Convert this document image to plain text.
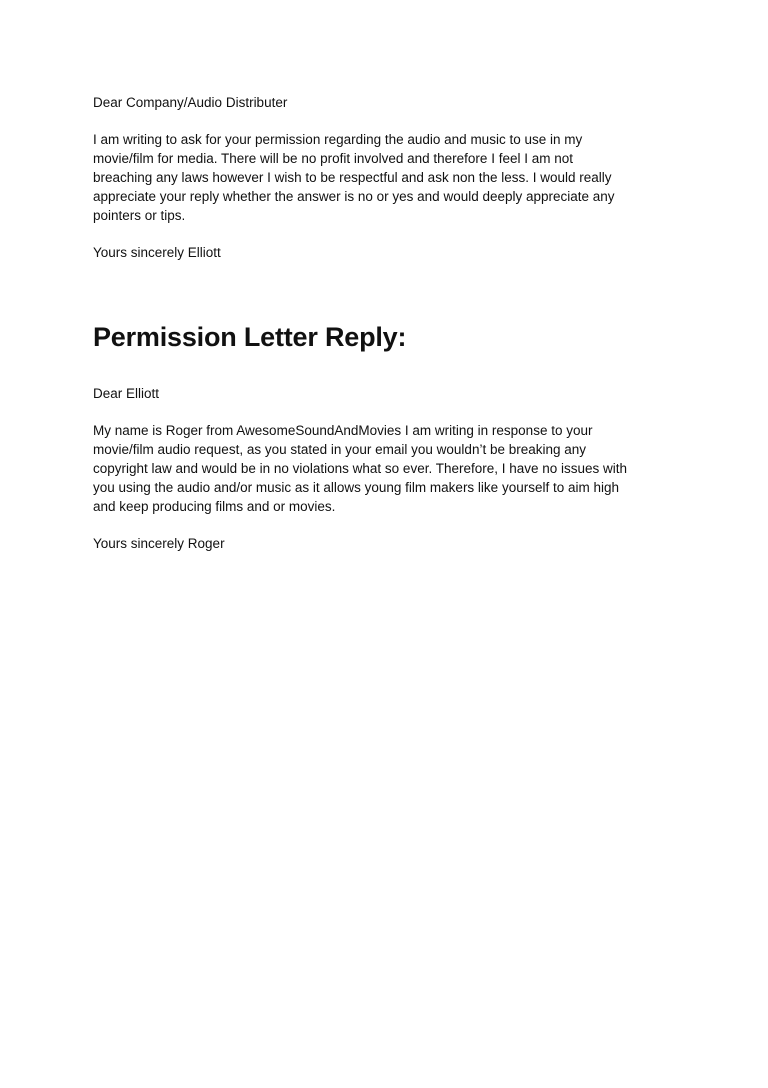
Dear Company/Audio Distributer

I am writing to ask for your permission regarding the audio and music to use in my

movie/film for media. There will be no profit involved and therefore I feel I am not

breaching any laws however I wish to be respectful and ask non the less. I would really

appreciate your reply whether the answer is no or yes and would deeply appreciate any

pointers or tips.

Yours sincerely Elliott

Permission Letter Reply:

Dear Elliott

My name is Roger from AwesomeSoundAndMovies I am writing in response to your

movie/film audio request, as you stated in your email you wouldn’t be breaking any

copyright law and would be in no violations what so ever. Therefore, I have no issues with

you using the audio and/or music as it allows young film makers like yourself to aim high

and keep producing films and or movies.

Yours sincerely Roger
